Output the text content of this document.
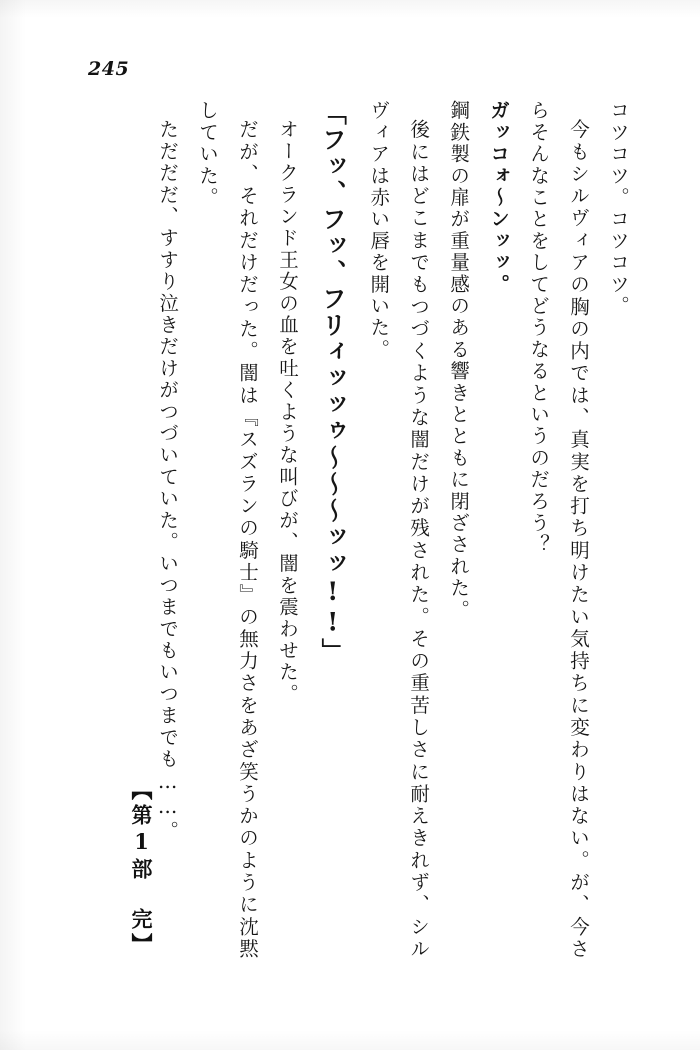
245

コツコツ。コツコツ。

今もシルヴィアの胸の内では、真実を打ち明けたい気持ちに変わりはない。が、今さらそんなことをしてどうなるというのだろう？

ガッコォ～ンッッ。

鋼鉄製の扉が重量感のある響きとともに閉ざされた。

後にはどこまでもつづくような闇だけが残された。その重苦しさに耐えきれず、シルヴィアは赤い唇を開いた。

「フッ、フッ、フリィッッゥ～～～ッッ!!」

オークランド王女の血を吐くような叫びが、闇を震わせた。

だが、それだけだった。闇は『スズランの騎士』の無力さをあざ笑うかのように沈黙していた。

ただだだ、すすり泣きだけがつづいていた。いつまでもいつまでも……。

【第1部　完】
